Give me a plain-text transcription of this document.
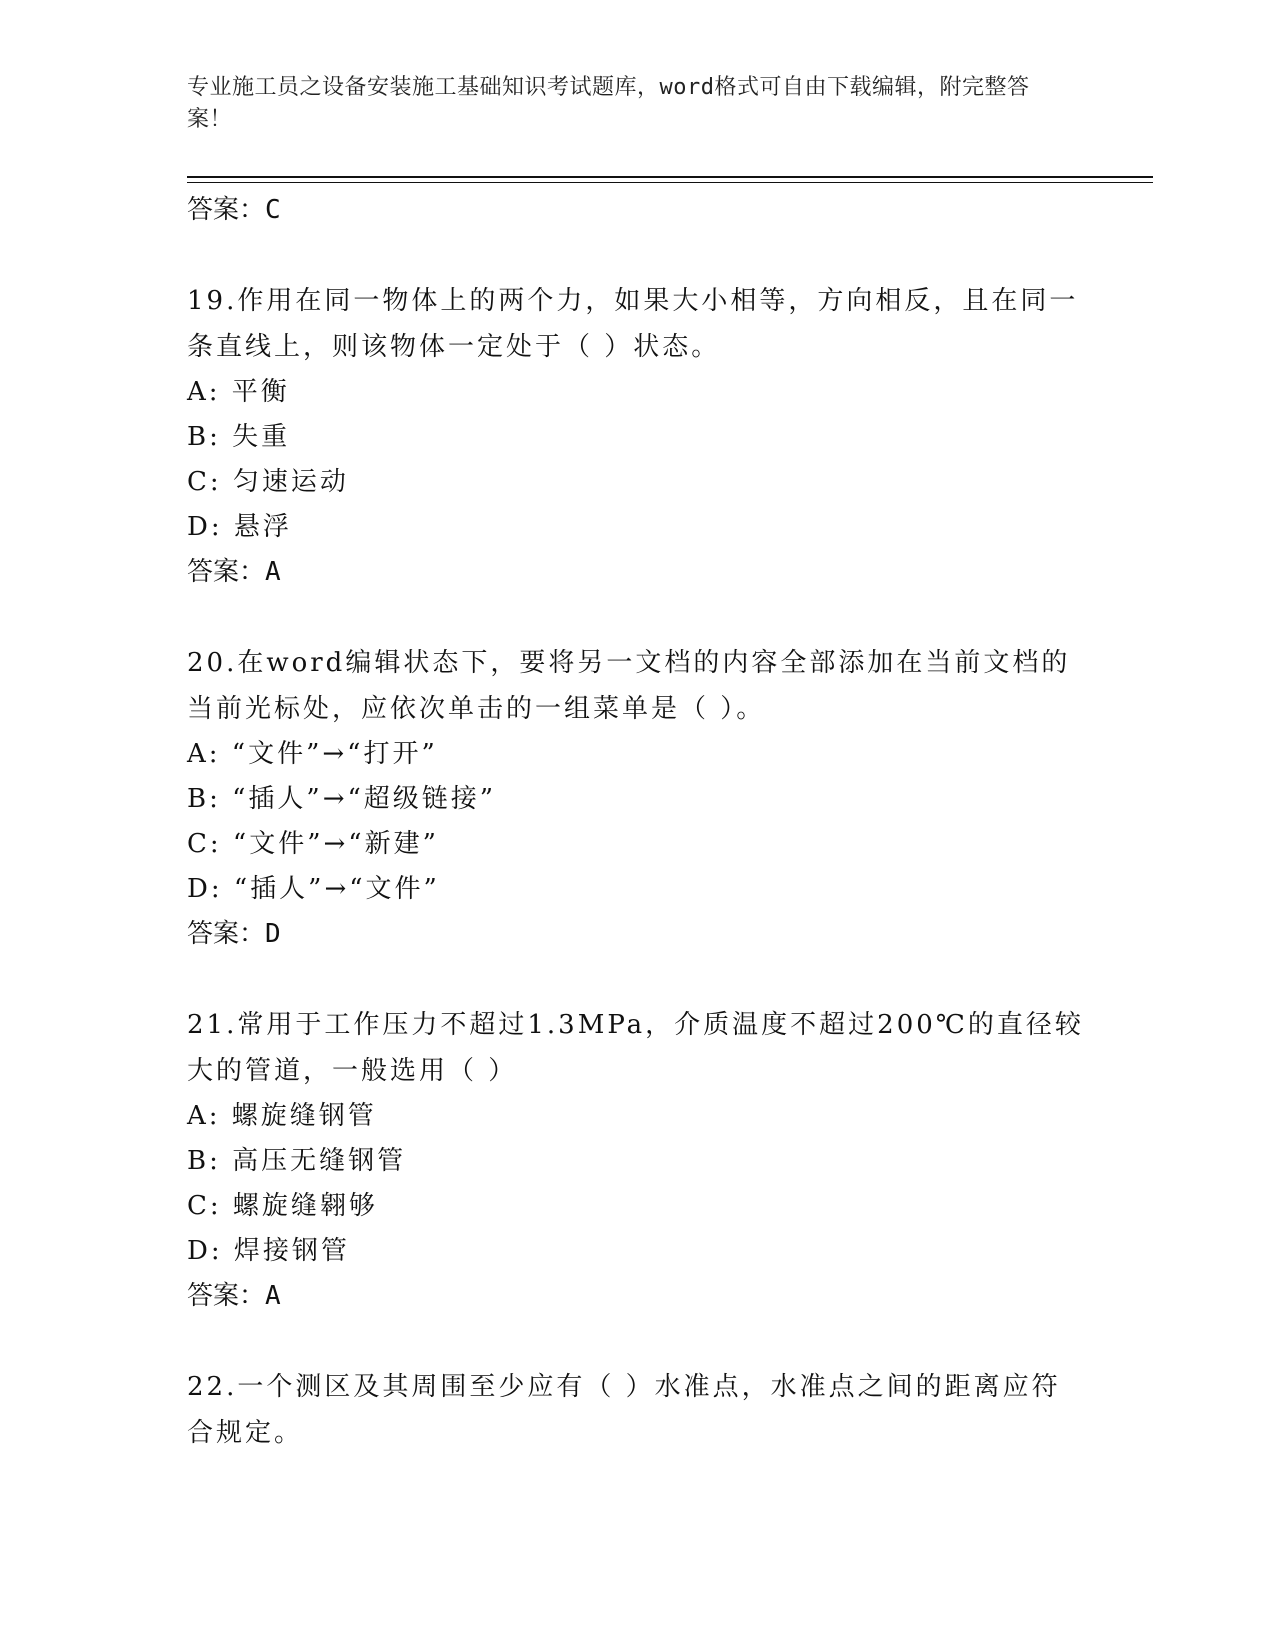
专业施工员之设备安装施工基础知识考试题库，word格式可自由下载编辑，附完整答案！
答案：C
19.作用在同一物体上的两个力，如果大小相等，方向相反，且在同一条直线上，则该物体一定处于（ ）状态。
A: 平衡
B: 失重
C: 匀速运动
D: 悬浮
答案：A
20.在word编辑状态下，要将另一文档的内容全部添加在当前文档的当前光标处，应依次单击的一组菜单是（ ）。
A: “文件”→“打开”
B: “插人”→“超级链接”
C: “文件”→“新建”
D: “插人”→“文件”
答案：D
21.常用于工作压力不超过1.3MPa，介质温度不超过200℃的直径较大的管道，一般选用（ ）
A: 螺旋缝钢管
B: 高压无缝钢管
C: 螺旋缝翱够
D: 焊接钢管
答案：A
22.一个测区及其周围至少应有（ ）水准点，水准点之间的距离应符合规定。
